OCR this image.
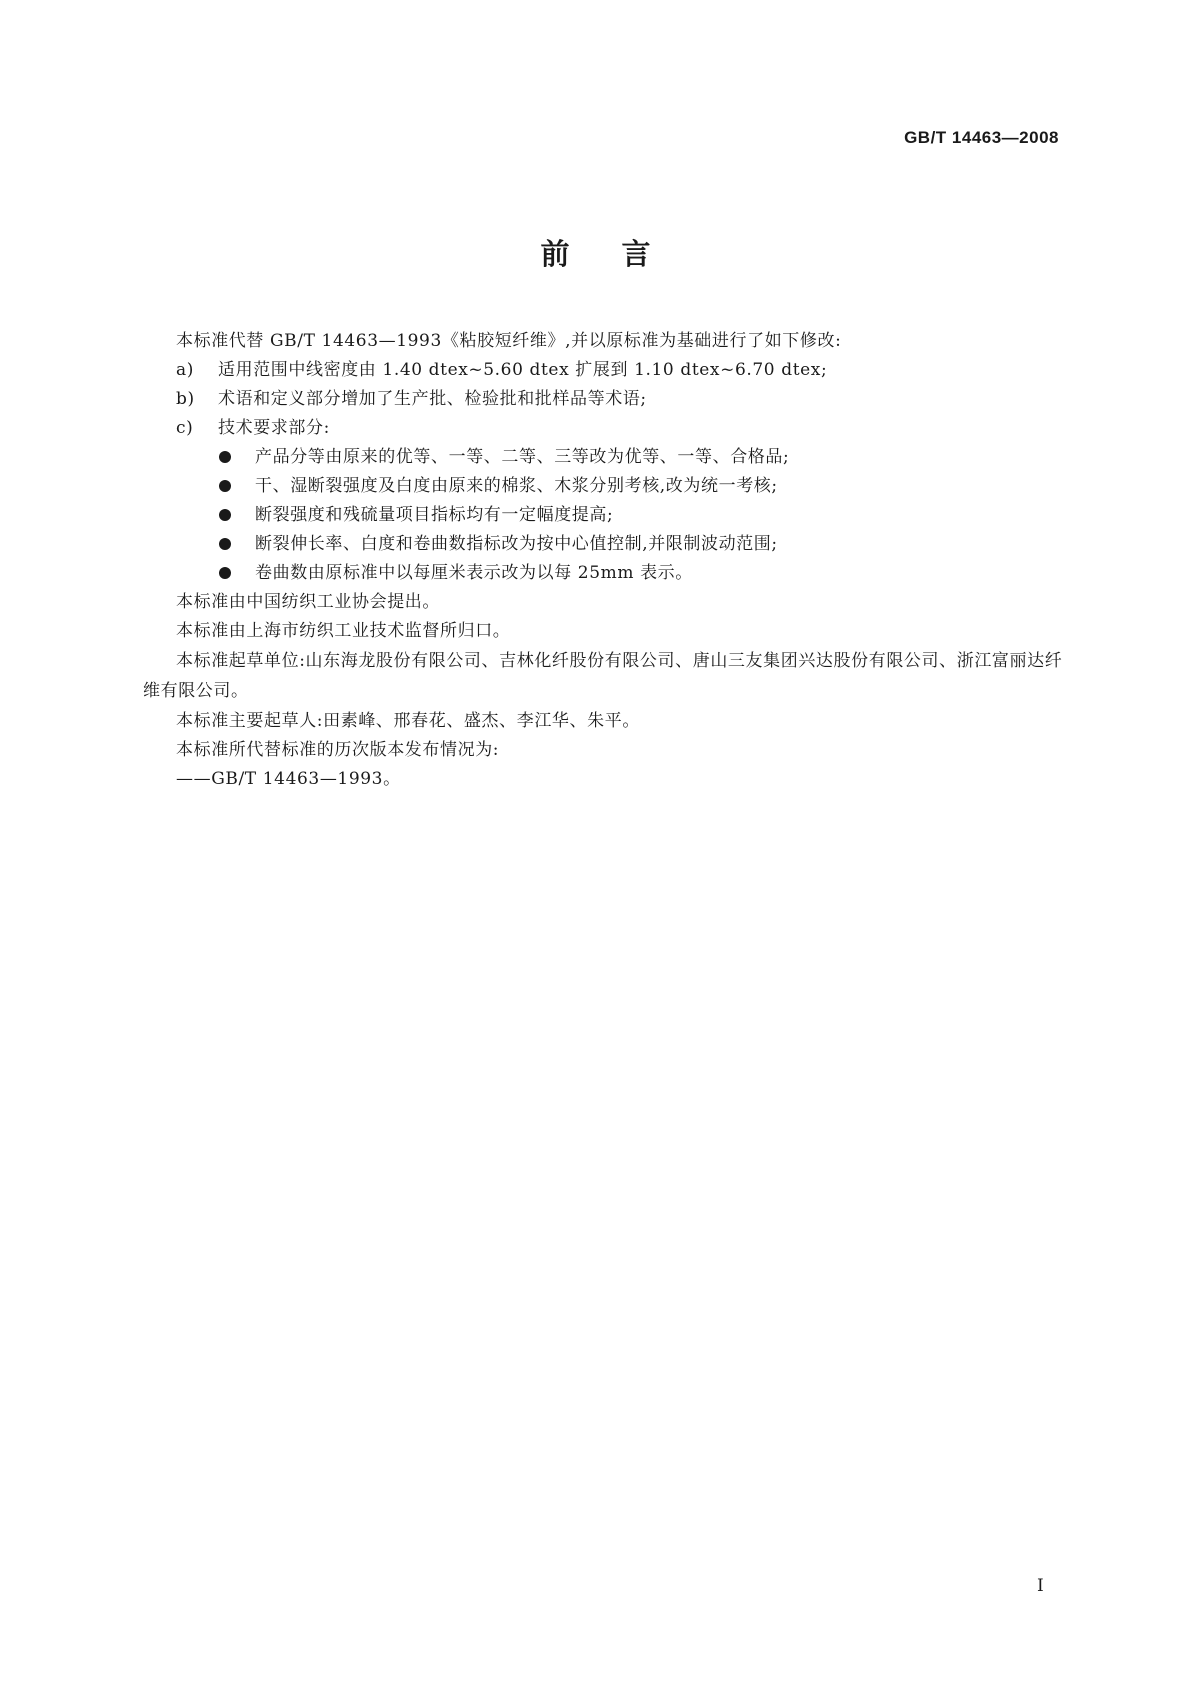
GB/T 14463—2008
前言

本标准代替 GB/T 14463—1993《粘胶短纤维》,并以原标准为基础进行了如下修改:

a)	适用范围中线密度由 1.40 dtex~5.60 dtex 扩展到 1.10 dtex~6.70 dtex;
b)	术语和定义部分增加了生产批、检验批和批样品等术语;
c)	技术要求部分:
产品分等由原来的优等、一等、二等、三等改为优等、一等、合格品;
干、湿断裂强度及白度由原来的棉浆、木浆分别考核,改为统一考核;
断裂强度和残硫量项目指标均有一定幅度提高;
断裂伸长率、白度和卷曲数指标改为按中心值控制,并限制波动范围;
卷曲数由原标准中以每厘米表示改为以每 25mm 表示。

本标准由中国纺织工业协会提出。

本标准由上海市纺织工业技术监督所归口。

本标准起草单位:山东海龙股份有限公司、吉林化纤股份有限公司、唐山三友集团兴达股份有限公司、浙江富丽达纤维有限公司。

本标准主要起草人:田素峰、邢春花、盛杰、李江华、朱平。

本标准所代替标准的历次版本发布情况为:

——GB/T 14463—1993。

I
